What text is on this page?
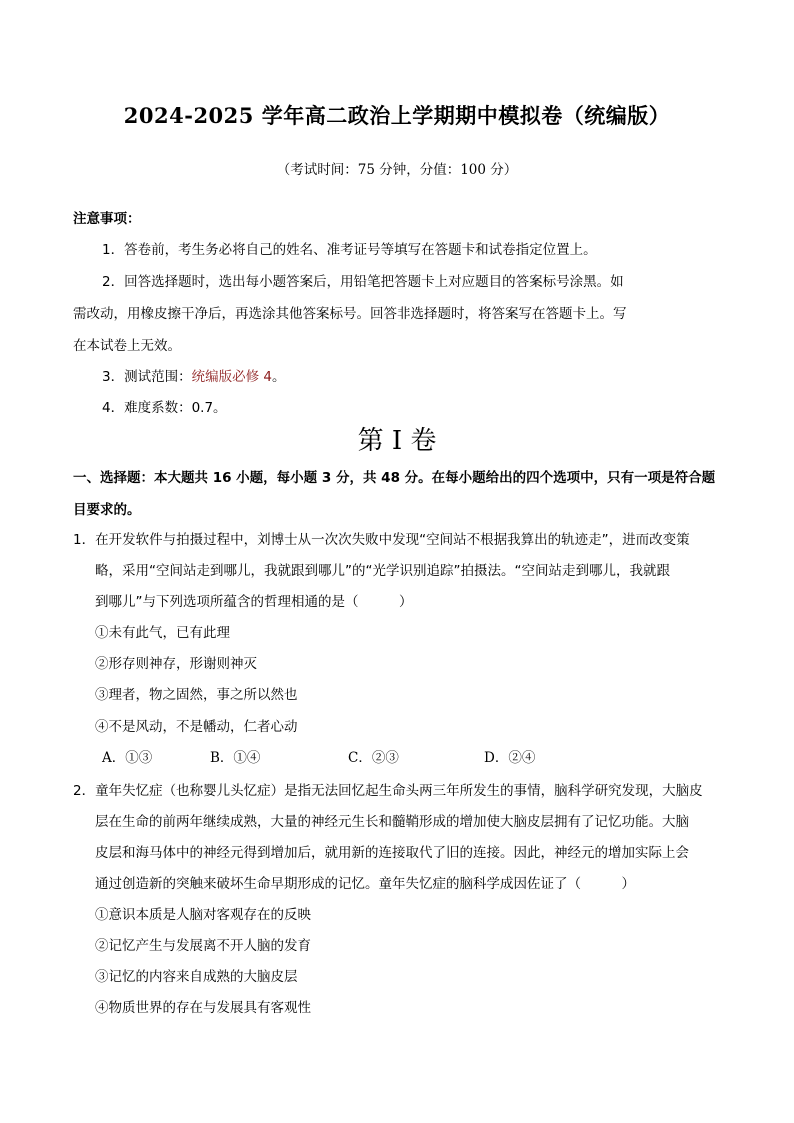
2024-2025 学年高二政治上学期期中模拟卷（统编版）
（考试时间：75 分钟，分值：100 分）
注意事项：
1．答卷前，考生务必将自己的姓名、准考证号等填写在答题卡和试卷指定位置上。
2．回答选择题时，选出每小题答案后，用铅笔把答题卡上对应题目的答案标号涂黑。如
需改动，用橡皮擦干净后，再选涂其他答案标号。回答非选择题时，将答案写在答题卡上。写
在本试卷上无效。
3．测试范围：统编版必修 4。
4．难度系数：0.7。
第 I 卷
一、选择题：本大题共 16 小题，每小题 3 分，共 48 分。在每小题给出的四个选项中，只有一项是符合题
目要求的。
1．在开发软件与拍摄过程中，刘博士从一次次失败中发现“空间站不根据我算出的轨迹走”，进而改变策
略，采用“空间站走到哪儿，我就跟到哪儿”的“光学识别追踪”拍摄法。“空间站走到哪儿，我就跟
到哪儿”与下列选项所蕴含的哲理相通的是（　　　）
①未有此气，已有此理
②形存则神存，形谢则神灭
③理者，物之固然，事之所以然也
④不是风动，不是幡动，仁者心动
A．①③	B．①④	C．②③	D．②④
2．童年失忆症（也称婴儿头忆症）是指无法回忆起生命头两三年所发生的事情，脑科学研究发现，大脑皮
层在生命的前两年继续成熟，大量的神经元生长和髓鞘形成的增加使大脑皮层拥有了记忆功能。大脑
皮层和海马体中的神经元得到增加后，就用新的连接取代了旧的连接。因此，神经元的增加实际上会
通过创造新的突触来破坏生命早期形成的记忆。童年失忆症的脑科学成因佐证了（　　　）
①意识本质是人脑对客观存在的反映
②记忆产生与发展离不开人脑的发育
③记忆的内容来自成熟的大脑皮层
④物质世界的存在与发展具有客观性
